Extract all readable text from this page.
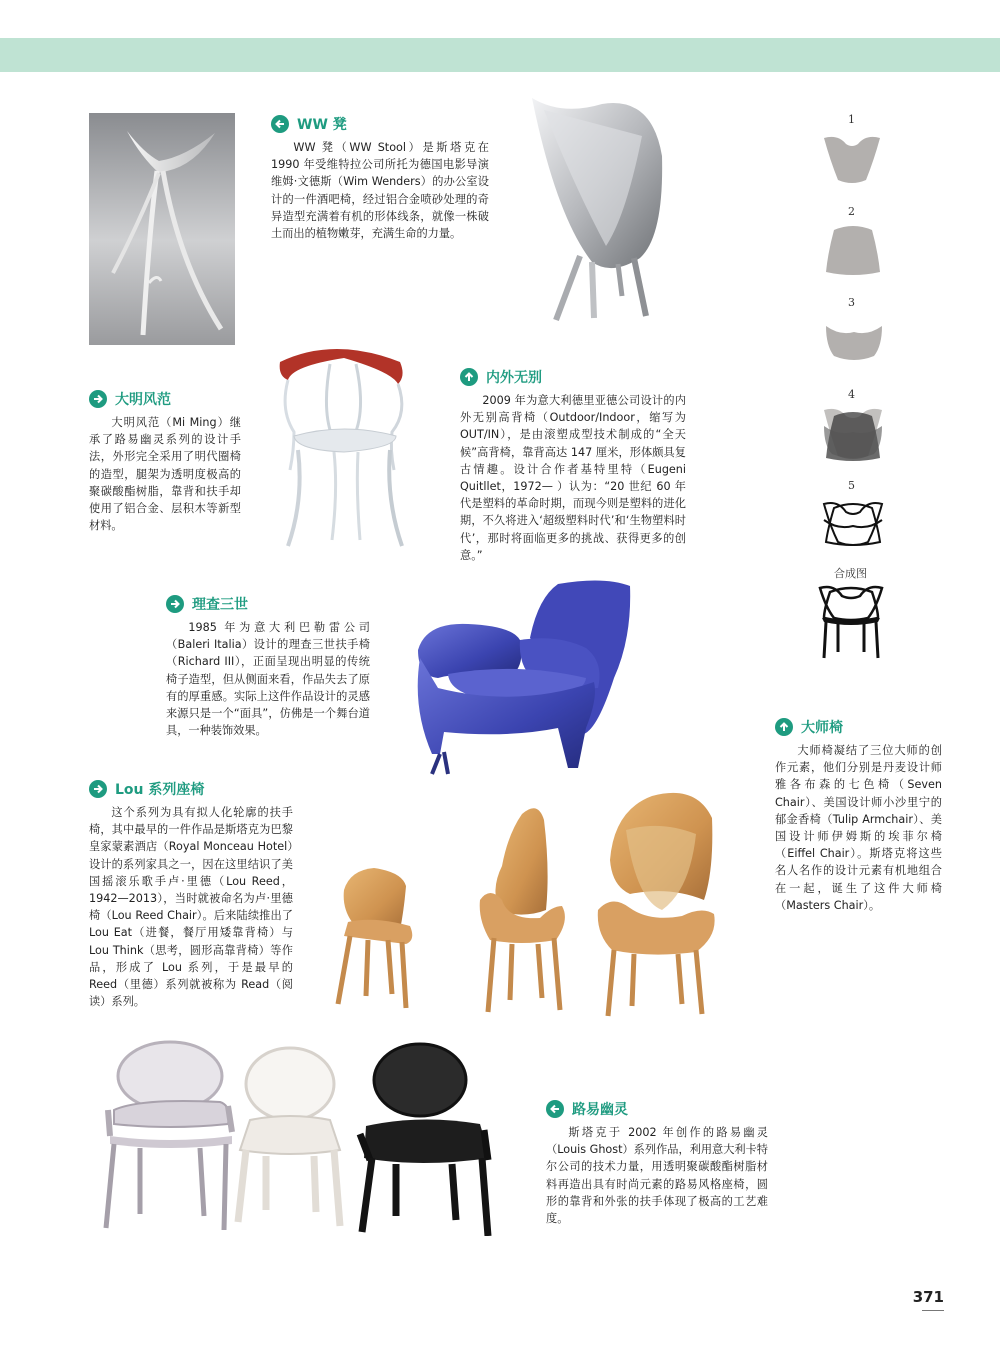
WW 凳
WW 凳（WW Stool）是斯塔克在 1990 年受维特拉公司所托为德国电影导演维姆·文德斯（Wim Wenders）的办公室设计的一件酒吧椅，经过铝合金喷砂处理的奇异造型充满着有机的形体线条，就像一株破土而出的植物嫩芽，充满生命的力量。
大明风范
大明风范（Mi Ming）继承了路易幽灵系列的设计手法，外形完全采用了明代圈椅的造型，腿架为透明度极高的聚碳酸酯树脂，靠背和扶手却使用了铝合金、层积木等新型材料。
内外无别
2009 年为意大利德里亚德公司设计的内外无别高背椅（Outdoor/Indoor，缩写为 OUT/IN），是由滚塑成型技术制成的“全天候”高背椅，靠背高达 147 厘米，形体颇具复古情趣。设计合作者基特里特（Eugeni Quitllet，1972— ）认为：“20 世纪 60 年代是塑料的革命时期，而现今则是塑料的进化期，不久将进入‘超级塑料时代’和‘生物塑料时代’，那时将面临更多的挑战、获得更多的创意。”
1
2
3
4
5
合成图
理查三世
1985 年为意大利巴勒雷公司（Baleri Italia）设计的理查三世扶手椅（Richard III），正面呈现出明显的传统椅子造型，但从侧面来看，作品失去了原有的厚重感。实际上这件作品设计的灵感来源只是一个“面具”，仿佛是一个舞台道具，一种装饰效果。	大师椅
大师椅凝结了三位大师的创作元素，他们分别是丹麦设计师雅各布森的七色椅（Seven Chair）、美国设计师小沙里宁的郁金香椅（Tulip Armchair）、美国设计师伊姆斯的埃菲尔椅（Eiffel Chair）。斯塔克将这些名人名作的设计元素有机地组合在一起，诞生了这件大师椅（Masters Chair）。
Lou 系列座椅
这个系列为具有拟人化轮廓的扶手椅，其中最早的一件作品是斯塔克为巴黎皇家蒙素酒店（Royal Monceau Hotel）设计的系列家具之一，因在这里结识了美国摇滚乐歌手卢·里德（Lou Reed，1942—2013），当时就被命名为卢·里德椅（Lou Reed Chair）。后来陆续推出了 Lou Eat（进餐，餐厅用矮靠背椅）与 Lou Think（思考，圆形高靠背椅）等作品，形成了 Lou 系列，于是最早的 Reed（里德）系列就被称为 Read（阅读）系列。
路易幽灵
斯塔克于 2002 年创作的路易幽灵（Louis Ghost）系列作品，利用意大利卡特尔公司的技术力量，用透明聚碳酸酯树脂材料再造出具有时尚元素的路易风格座椅，圆形的靠背和外张的扶手体现了极高的工艺难度。
371
